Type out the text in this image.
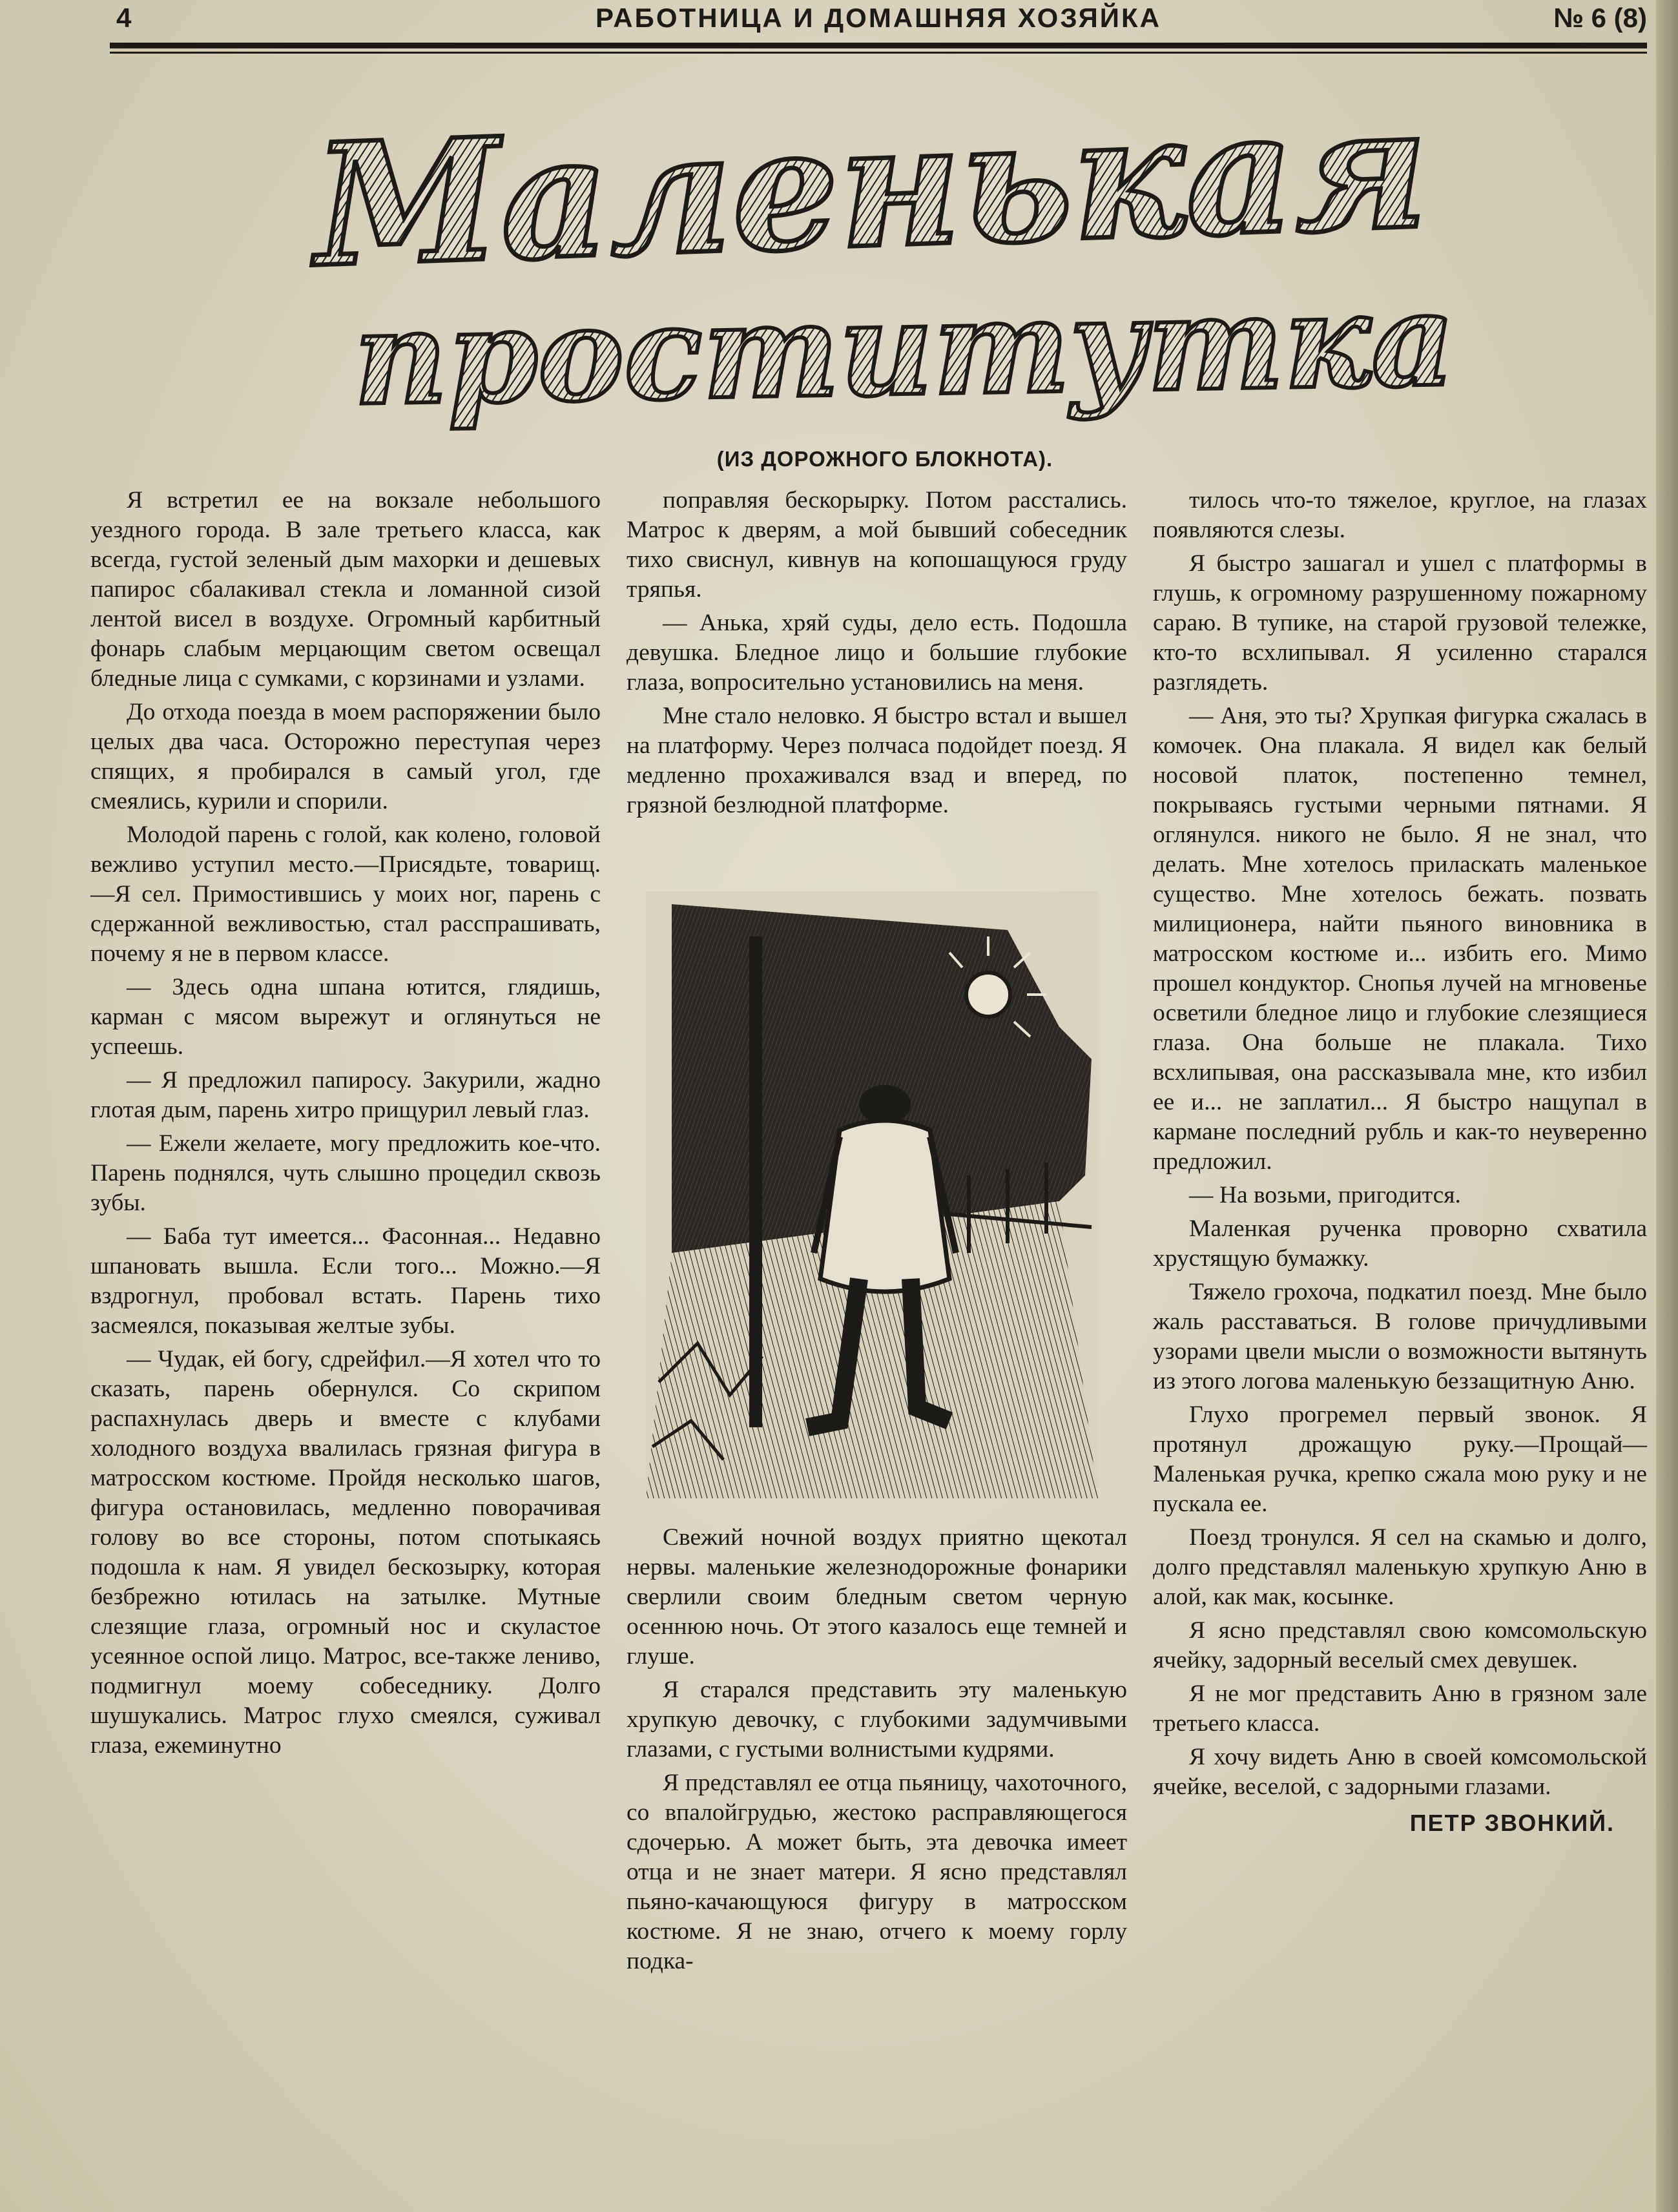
4	РАБОТНИЦА И ДОМАШНЯЯ ХОЗЯЙКА	№ 6 (8)
Маленькая
проститутка
(ИЗ ДОРОЖНОГО БЛОКНОТА).

Я встретил ее на вокзале небольшого уездного города. В зале третьего класса, как всегда, густой зеленый дым махорки и дешевых папирос сбалакивал стекла и ломанной сизой лентой висел в воздухе. Огромный карбитный фонарь слабым мерцающим светом освещал бледные лица с сумками, с корзинами и узлами.

До отхода поезда в моем распоряжении было целых два часа. Осторожно переступая через спящих, я пробирался в самый угол, где смеялись, курили и спорили.

Молодой парень с голой, как колено, головой вежливо уступил место.—Присядьте, товарищ.—Я сел. Примостившись у моих ног, парень с сдержанной вежливостью, стал расспрашивать, почему я не в первом классе.

— Здесь одна шпана ютится, глядишь, карман с мясом вырежут и оглянуться не успеешь.

— Я предложил папиросу. Закурили, жадно глотая дым, парень хитро прищурил левый глаз.

— Ежели желаете, могу предложить кое-что. Парень поднялся, чуть слышно процедил сквозь зубы.

— Баба тут имеется... Фасонная... Недавно шпановать вышла. Если того... Можно.—Я вздрогнул, пробовал встать. Парень тихо засмеялся, показывая желтые зубы.

— Чудак, ей богу, сдрейфил.—Я хотел что то сказать, парень обернулся. Со скрипом распахнулась дверь и вместе с клубами холодного воздуха ввалилась грязная фигура в матросском костюме. Пройдя несколько шагов, фигура остановилась, медленно поворачивая голову во все стороны, потом спотыкаясь подошла к нам. Я увидел бескозырку, которая безбрежно ютилась на затылке. Мутные слезящие глаза, огромный нос и скуластое усеянное оспой лицо. Матрос, все-также лениво, подмигнул моему собеседнику. Долго шушукались. Матрос глухо смеялся, суживал глаза, ежеминутно

поправляя бескорырку. Потом расстались. Матрос к дверям, а мой бывший собеседник тихо свиснул, кивнув на копошащуюся груду тряпья.

— Анька, хряй суды, дело есть. Подошла девушка. Бледное лицо и большие глубокие глаза, вопросительно установились на меня.

Мне стало неловко. Я быстро встал и вышел на платформу. Через полчаса подойдет поезд. Я медленно прохаживался взад и вперед, по грязной безлюдной платформе.

Свежий ночной воздух приятно щекотал нервы. маленькие железнодорожные фонарики сверлили своим бледным светом черную осеннюю ночь. От этого казалось еще темней и глуше.

Я старался представить эту маленькую хрупкую девочку, с глубокими задумчивыми глазами, с густыми волнистыми кудрями.

Я представлял ее отца пьяницу, чахоточного, со впалойгрудью, жестоко расправляющегося сдочерью. А может быть, эта девочка имеет отца и не знает матери. Я ясно представлял пьяно-качающуюся фигуру в матросском костюме. Я не знаю, отчего к моему горлу подка-

тилось что-то тяжелое, круглое, на глазах появляются слезы.

Я быстро зашагал и ушел с платформы в глушь, к огромному разрушенному пожарному сараю. В тупике, на старой грузовой тележке, кто-то всхлипывал. Я усиленно старался разглядеть.

— Аня, это ты? Хрупкая фигурка сжалась в комочек. Она плакала. Я видел как белый носовой платок, постепенно темнел, покрываясь густыми черными пятнами. Я оглянулся. никого не было. Я не знал, что делать. Мне хотелось приласкать маленькое существо. Мне хотелось бежать. позвать милиционера, найти пьяного виновника в матросском костюме и... избить его. Мимо прошел кондуктор. Снопья лучей на мгновенье осветили бледное лицо и глубокие слезящиеся глаза. Она больше не плакала. Тихо всхлипывая, она рассказывала мне, кто избил ее и... не заплатил... Я быстро нащупал в кармане последний рубль и как-то неуверенно предложил.

— На возьми, пригодится.

Маленкая рученка проворно схватила хрустящую бумажку.

Тяжело грохоча, подкатил поезд. Мне было жаль расставаться. В голове причудливыми узорами цвели мысли о возможности вытянуть из этого логова маленькую беззащитную Аню.

Глухо прогремел первый звонок. Я протянул дрожащую руку.—Прощай—Маленькая ручка, крепко сжала мою руку и не пускала ее.

Поезд тронулся. Я сел на скамью и долго, долго представлял маленькую хрупкую Аню в алой, как мак, косынке.

Я ясно представлял свою комсомольскую ячейку, задорный веселый смех девушек.

Я не мог представить Аню в грязном зале третьего класса.

Я хочу видеть Аню в своей комсомольской ячейке, веселой, с задорными глазами.

ПЕТР ЗВОНКИЙ.
